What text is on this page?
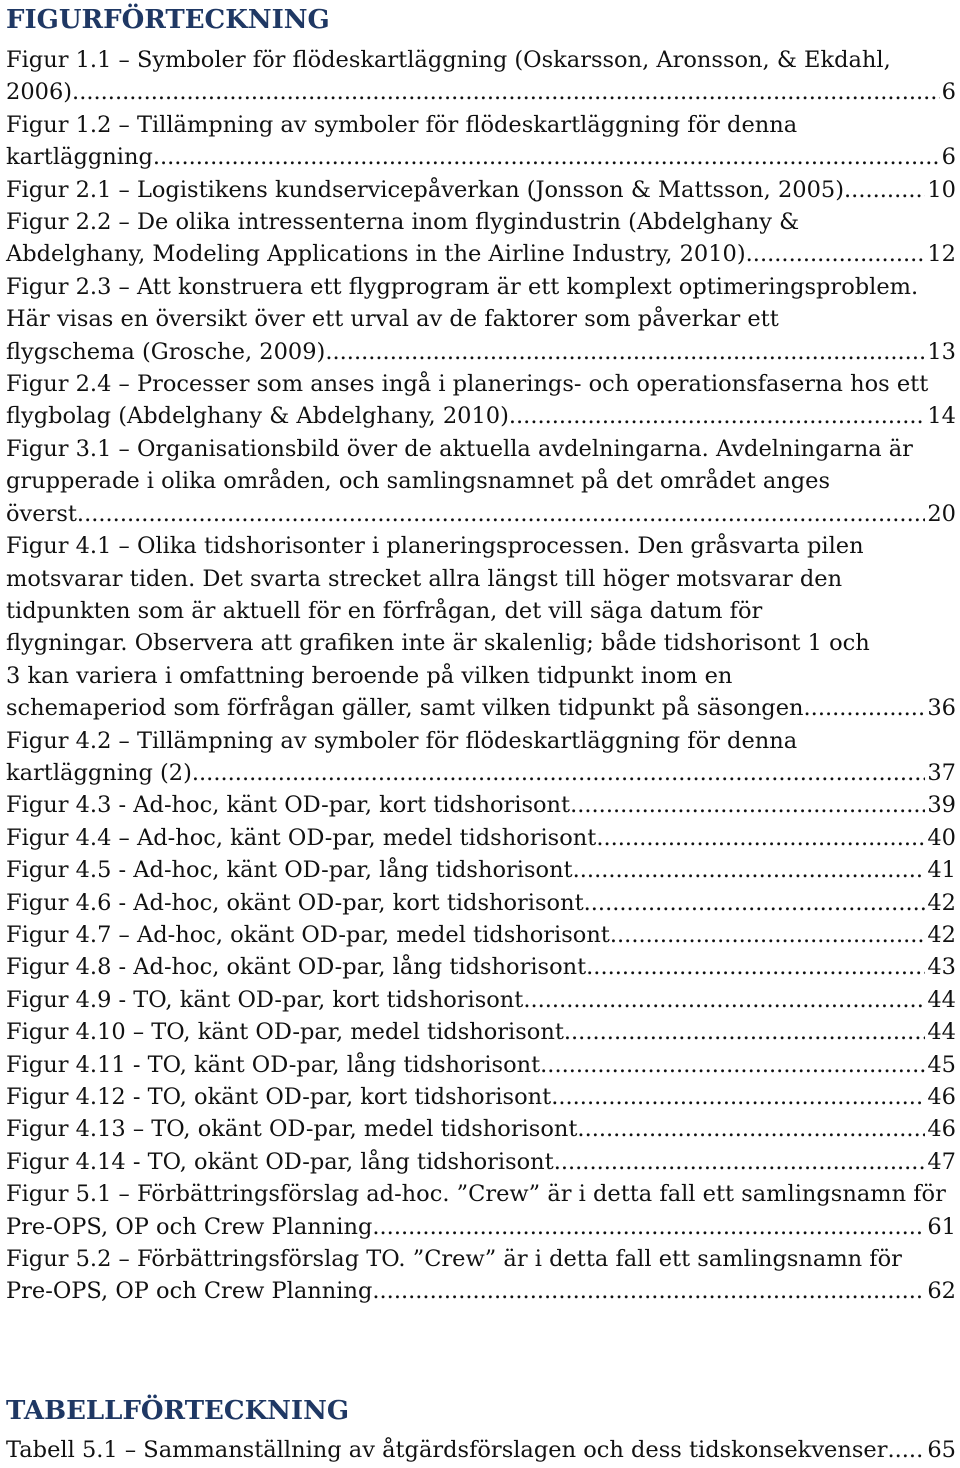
FIGURFÖRTECKNING
Figur 1.1 – Symboler för flödeskartläggning (Oskarsson, Aronsson, & Ekdahl,
2006) .....	6
Figur 1.2 – Tillämpning av symboler för flödeskartläggning för denna
kartläggning. .....	6
Figur 2.1 – Logistikens kundservicepåverkan (Jonsson & Mattsson, 2005) .....	10
Figur 2.2 – De olika intressenterna inom flygindustrin (Abdelghany &
Abdelghany, Modeling Applications in the Airline Industry, 2010) .....	12
Figur 2.3 – Att konstruera ett flygprogram är ett komplext optimeringsproblem.
Här visas en översikt över ett urval av de faktorer som påverkar ett
flygschema (Grosche, 2009) .....	13
Figur 2.4 – Processer som anses ingå i planerings- och operationsfaserna hos ett
flygbolag (Abdelghany & Abdelghany, 2010) .....	14
Figur 3.1 – Organisationsbild över de aktuella avdelningarna. Avdelningarna är
grupperade i olika områden, och samlingsnamnet på det området anges
överst. .....	20
Figur 4.1 – Olika tidshorisonter i planeringsprocessen. Den gråsvarta pilen
motsvarar tiden. Det svarta strecket allra längst till höger motsvarar den
tidpunkten som är aktuell för en förfrågan, det vill säga datum för
flygningar. Observera att grafiken inte är skalenlig; både tidshorisont 1 och
3 kan variera i omfattning beroende på vilken tidpunkt inom en
schemaperiod som förfrågan gäller, samt vilken tidpunkt på säsongen. .....	36
Figur 4.2 – Tillämpning av symboler för flödeskartläggning för denna
kartläggning (2) .....	37
Figur 4.3 - Ad-hoc, känt OD-par, kort tidshorisont .....	39
Figur 4.4 – Ad-hoc, känt OD-par, medel tidshorisont .....	40
Figur 4.5 - Ad-hoc, känt OD-par, lång tidshorisont .....	41
Figur 4.6 - Ad-hoc, okänt OD-par, kort tidshorisont .....	42
Figur 4.7 – Ad-hoc, okänt OD-par, medel tidshorisont .....	42
Figur 4.8 - Ad-hoc, okänt OD-par, lång tidshorisont .....	43
Figur 4.9 - TO, känt OD-par, kort tidshorisont .....	44
Figur 4.10 – TO, känt OD-par, medel tidshorisont .....	44
Figur 4.11 - TO, känt OD-par, lång tidshorisont .....	45
Figur 4.12 - TO, okänt OD-par, kort tidshorisont .....	46
Figur 4.13 – TO, okänt OD-par, medel tidshorisont .....	46
Figur 4.14 - TO, okänt OD-par, lång tidshorisont .....	47
Figur 5.1 – Förbättringsförslag ad-hoc. ”Crew” är i detta fall ett samlingsnamn för
Pre-OPS, OP och Crew Planning. .....	61
Figur 5.2 – Förbättringsförslag TO. ”Crew” är i detta fall ett samlingsnamn för
Pre-OPS, OP och Crew Planning. .....	62
TABELLFÖRTECKNING
Tabell 5.1 – Sammanställning av åtgärdsförslagen och dess tidskonsekvenser ..... 65
